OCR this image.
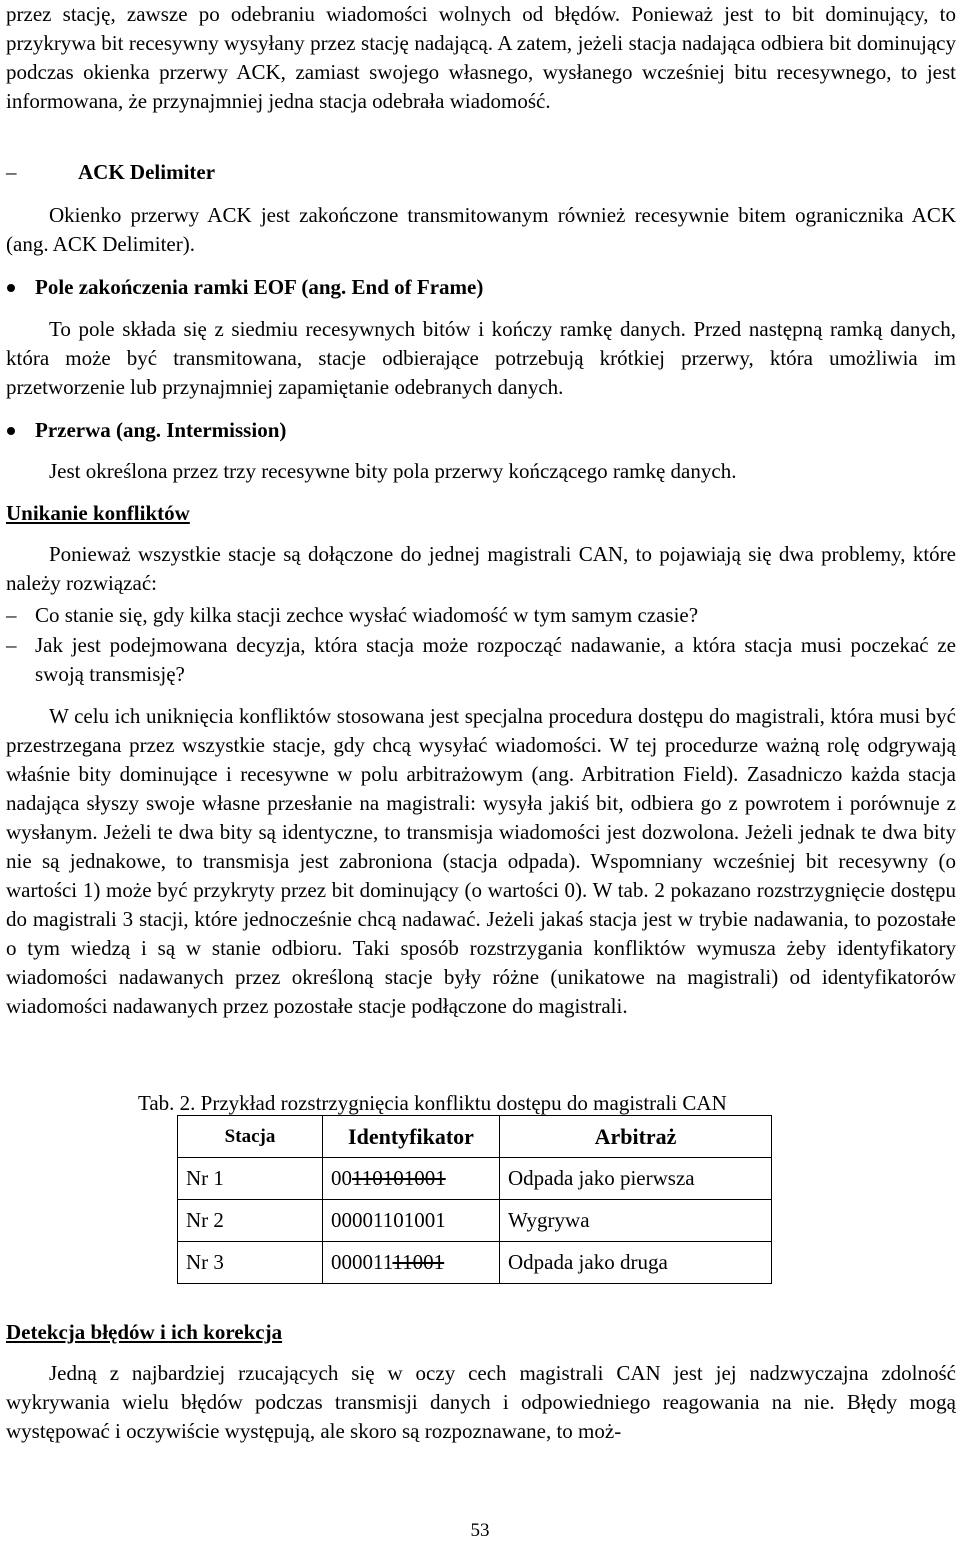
przez stację, zawsze po odebraniu wiadomości wolnych od błędów. Ponieważ jest to bit dominujący, to przykrywa bit recesywny wysyłany przez stację nadającą. A zatem, jeżeli stacja nadająca odbiera bit dominujący podczas okienka przerwy ACK, zamiast swojego własnego, wysłanego wcześniej bitu recesywnego, to jest informowana, że przynajmniej jedna stacja odebrała wiadomość.
–	ACK Delimiter
Okienko przerwy ACK jest zakończone transmitowanym również recesywnie bitem ogranicznika ACK (ang. ACK Delimiter).
Pole zakończenia ramki EOF (ang. End of Frame)
To pole składa się z siedmiu recesywnych bitów i kończy ramkę danych. Przed następną ramką danych, która może być transmitowana, stacje odbierające potrzebują krótkiej przerwy, która umożliwia im przetworzenie lub przynajmniej zapamiętanie odebranych danych.
Przerwa (ang. Intermission)
Jest określona przez trzy recesywne bity pola przerwy kończącego ramkę danych.
Unikanie konfliktów
Ponieważ wszystkie stacje są dołączone do jednej magistrali CAN, to pojawiają się dwa problemy, które należy rozwiązać:
– Co stanie się, gdy kilka stacji zechce wysłać wiadomość w tym samym czasie?
– Jak jest podejmowana decyzja, która stacja może rozpocząć nadawanie, a która stacja musi poczekać ze swoją transmisję?
W celu ich uniknięcia konfliktów stosowana jest specjalna procedura dostępu do magistrali, która musi być przestrzegana przez wszystkie stacje, gdy chcą wysyłać wiadomości. W tej procedurze ważną rolę odgrywają właśnie bity dominujące i recesywne w polu arbitrażowym (ang. Arbitration Field). Zasadniczo każda stacja nadająca słyszy swoje własne przesłanie na magistrali: wysyła jakiś bit, odbiera go z powrotem i porównuje z wysłanym. Jeżeli te dwa bity są identyczne, to transmisja wiadomości jest dozwolona. Jeżeli jednak te dwa bity nie są jednakowe, to transmisja jest zabroniona (stacja odpada). Wspomniany wcześniej bit recesywny (o wartości 1) może być przykryty przez bit dominujący (o wartości 0). W tab. 2 pokazano rozstrzygnięcie dostępu do magistrali 3 stacji, które jednocześnie chcą nadawać. Jeżeli jakaś stacja jest w trybie nadawania, to pozostałe o tym wiedzą i są w stanie odbioru. Taki sposób rozstrzygania konfliktów wymusza żeby identyfikatory wiadomości nadawanych przez określoną stacje były różne (unikatowe na magistrali) od identyfikatorów wiadomości nadawanych przez pozostałe stacje podłączone do magistrali.
Tab. 2. Przykład rozstrzygnięcia konfliktu dostępu do magistrali CAN
Stacja	Identyfikator	Arbitraż
Nr 1	00110101001	Odpada jako pierwsza
Nr 2	00001101001	Wygrywa
Nr 3	00001111001	Odpada jako druga
Detekcja błędów i ich korekcja
Jedną z najbardziej rzucających się w oczy cech magistrali CAN jest jej nadzwyczajna zdolność wykrywania wielu błędów podczas transmisji danych i odpowiedniego reagowania na nie. Błędy mogą występować i oczywiście występują, ale skoro są rozpoznawane, to moż-
53
